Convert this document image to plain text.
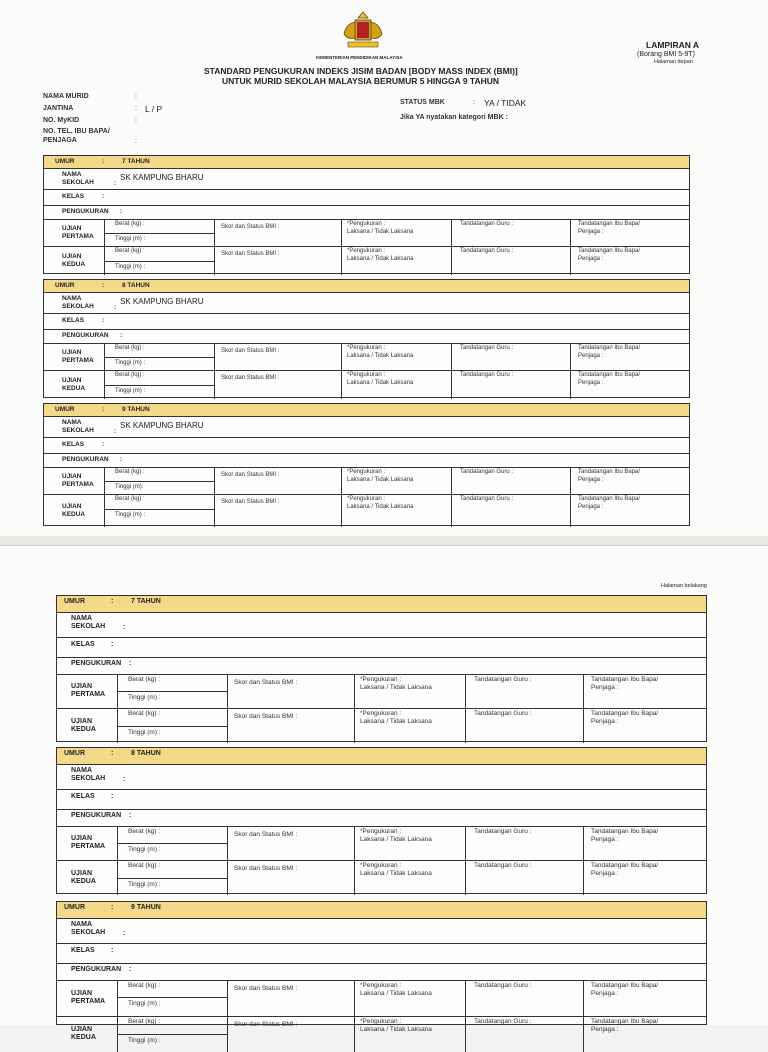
KEMENTERIAN PENDIDIKAN MALAYSIA
LAMPIRAN A
(Borang BMI 5-9T)
Halaman depan
STANDARD PENGUKURAN INDEKS JISIM BADAN [BODY MASS INDEX (BMI)]
UNTUK MURID SEKOLAH MALAYSIA BERUMUR 5 HINGGA 9 TAHUN
NAMA MURID	:
JANTINA	: L / P
NO. MyKID	:
NO. TEL. IBU BAPA/
PENJAGA	:
STATUS MBK	: YA / TIDAK
Jika YA nyatakan kategori MBK :
UMUR	:	7 TAHUN
NAMA
SEKOLAH	:
SK KAMPUNG BHARU
KELAS	:
PENGUKURAN :
UJIAN
PERTAMA
Berat (kg) :
Tinggi (m) :
Skor dan Status BMI :	*Pengukuran :
Laksana / Tidak Laksana
Tandatangan Guru :	Tandatangan Ibu Bapa/
Penjaga :
UJIAN
KEDUA
Berat (kg) :
Tinggi (m) :
Skor dan Status BMI :	*Pengukuran :
Laksana / Tidak Laksana
Tandatangan Guru :	Tandatangan Ibu Bapa/
Penjaga :
UMUR	:	8 TAHUN
NAMA
SEKOLAH	:
SK KAMPUNG BHARU
KELAS	:
PENGUKURAN :
UJIAN
PERTAMA
Berat (kg) :
Tinggi (m) :
Skor dan Status BMI :	*Pengukuran :
Laksana / Tidak Laksana
Tandatangan Guru :	Tandatangan Ibu Bapa/
Penjaga :
UJIAN
KEDUA
Berat (kg) :
Tinggi (m) :
Skor dan Status BMI :	*Pengukuran :
Laksana / Tidak Laksana
Tandatangan Guru :	Tandatangan Ibu Bapa/
Penjaga :
UMUR	:	9 TAHUN
NAMA
SEKOLAH	:
SK KAMPUNG BHARU
KELAS	:
PENGUKURAN :
UJIAN
PERTAMA
Berat (kg) :
Tinggi (m):
Skor dan Status BMI :	*Pengukuran :
Laksana / Tidak Laksana
Tandatangan Guru :	Tandatangan Ibu Bapa/
Penjaga :
UJIAN
KEDUA
Berat (kg) :
Tinggi (m) :
Skor dan Status BMI :	*Pengukuran :
Laksana / Tidak Laksana
Tandatangan Guru :	Tandatangan Ibu Bapa/
Penjaga :
Halaman belakang
UMUR	:	7 TAHUN
NAMA
SEKOLAH	:
KELAS :
PENGUKURAN :
UJIAN
PERTAMA
Berat (kg) :
Tinggi (m) :
Skor dan Status BMI :	*Pengukuran :
Laksana / Tidak Laksana
Tandatangan Guru :	Tandatangan Ibu Bapa/
Penjaga :
UJIAN
KEDUA
Berat (kg) :
Tinggi (m) :
Skor dan Status BMI :	*Pengukuran :
Laksana / Tidak Laksana
Tandatangan Guru :	Tandatangan Ibu Bapa/
Penjaga :
UMUR	:	8 TAHUN
NAMA
SEKOLAH	:
KELAS :
PENGUKURAN :
UJIAN
PERTAMA
Berat (kg) :
Tinggi (m) :
Skor dan Status BMI :	*Pengukuran :
Laksana / Tidak Laksana
Tandatangan Guru :	Tandatangan Ibu Bapa/
Penjaga :
UJIAN
KEDUA
Berat (kg) :
Tinggi (m) :
Skor dan Status BMI :	*Pengukuran :
Laksana / Tidak Laksana
Tandatangan Guru :	Tandatangan Ibu Bapa/
Penjaga :
UMUR	:	9 TAHUN
NAMA
SEKOLAH	:
KELAS :
PENGUKURAN :
UJIAN
PERTAMA
Berat (kg) :
Tinggi (m) :
Skor dan Status BMI :	*Pengukuran :
Laksana / Tidak Laksana
Tandatangan Guru :	Tandatangan Ibu Bapa/
Penjaga :
UJIAN
KEDUA
Berat (kg) :
Tinggi (m) :
Skor dan Status BMI :	*Pengukuran :
Laksana / Tidak Laksana
Tandatangan Guru :	Tandatangan Ibu Bapa/
Penjaga :
